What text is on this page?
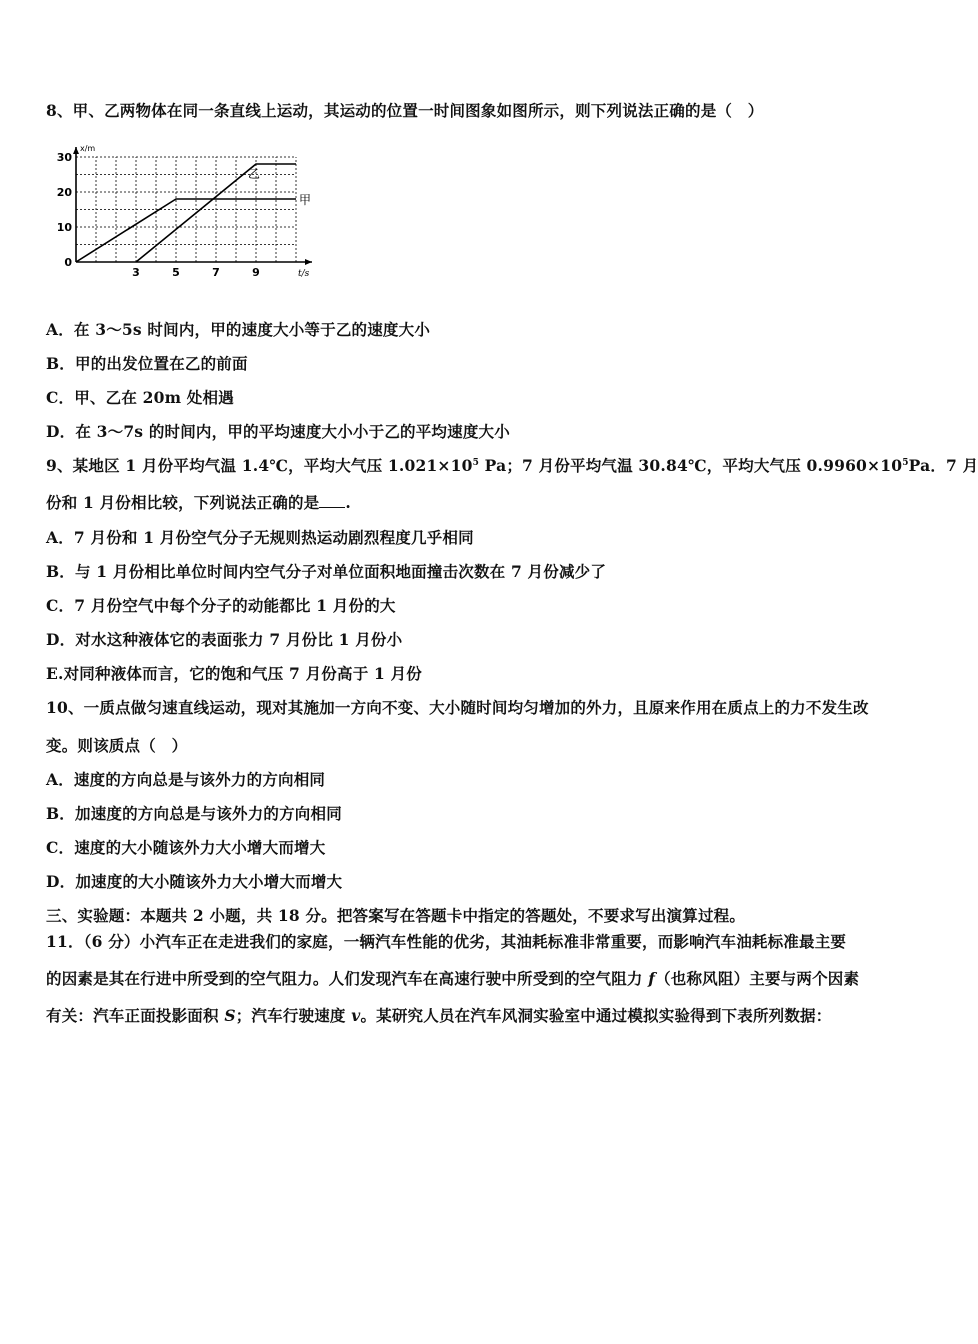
8、甲、乙两物体在同一条直线上运动，其运动的位置一时间图象如图所示，则下列说法正确的是（　）
0
10
20
30
3	5	7	9
x/m
t/s
甲
乙
A．在 3～5s 时间内，甲的速度大小等于乙的速度大小
B．甲的出发位置在乙的前面
C．甲、乙在 20m 处相遇
D．在 3～7s 的时间内，甲的平均速度大小小于乙的平均速度大小
9、某地区 1 月份平均气温 1.4℃，平均大气压 $1.021\times 10^5$ Pa；7 月份平均气温 30.84℃，平均大气压 $0.9960\times 10^5Pa$．7 月
份和 1 月份相比较，下列说法正确的是 .
A．7 月份和 1 月份空气分子无规则热运动剧烈程度几乎相同
B．与 1 月份相比单位时间内空气分子对单位面积地面撞击次数在 7 月份减少了
C．7 月份空气中每个分子的动能都比 1 月份的大
D．对水这种液体它的表面张力 7 月份比 1 月份小
E.对同种液体而言，它的饱和气压 7 月份高于 1 月份
10、一质点做匀速直线运动，现对其施加一方向不变、大小随时间均匀增加的外力，且原来作用在质点上的力不发生改
变。则该质点（　）
A．速度的方向总是与该外力的方向相同
B．加速度的方向总是与该外力的方向相同
C．速度的大小随该外力大小增大而增大
D．加速度的大小随该外力大小增大而增大
三、实验题：本题共 2 小题，共 18 分。把答案写在答题卡中指定的答题处，不要求写出演算过程。
11．（6 分）小汽车正在走进我们的家庭，一辆汽车性能的优劣，其油耗标准非常重要，而影响汽车油耗标准最主要
的因素是其在行进中所受到的空气阻力。人们发现汽车在高速行驶中所受到的空气阻力 f（也称风阻）主要与两个因素
有关：汽车正面投影面积 S；汽车行驶速度 v。某研究人员在汽车风洞实验室中通过模拟实验得到下表所列数据：
